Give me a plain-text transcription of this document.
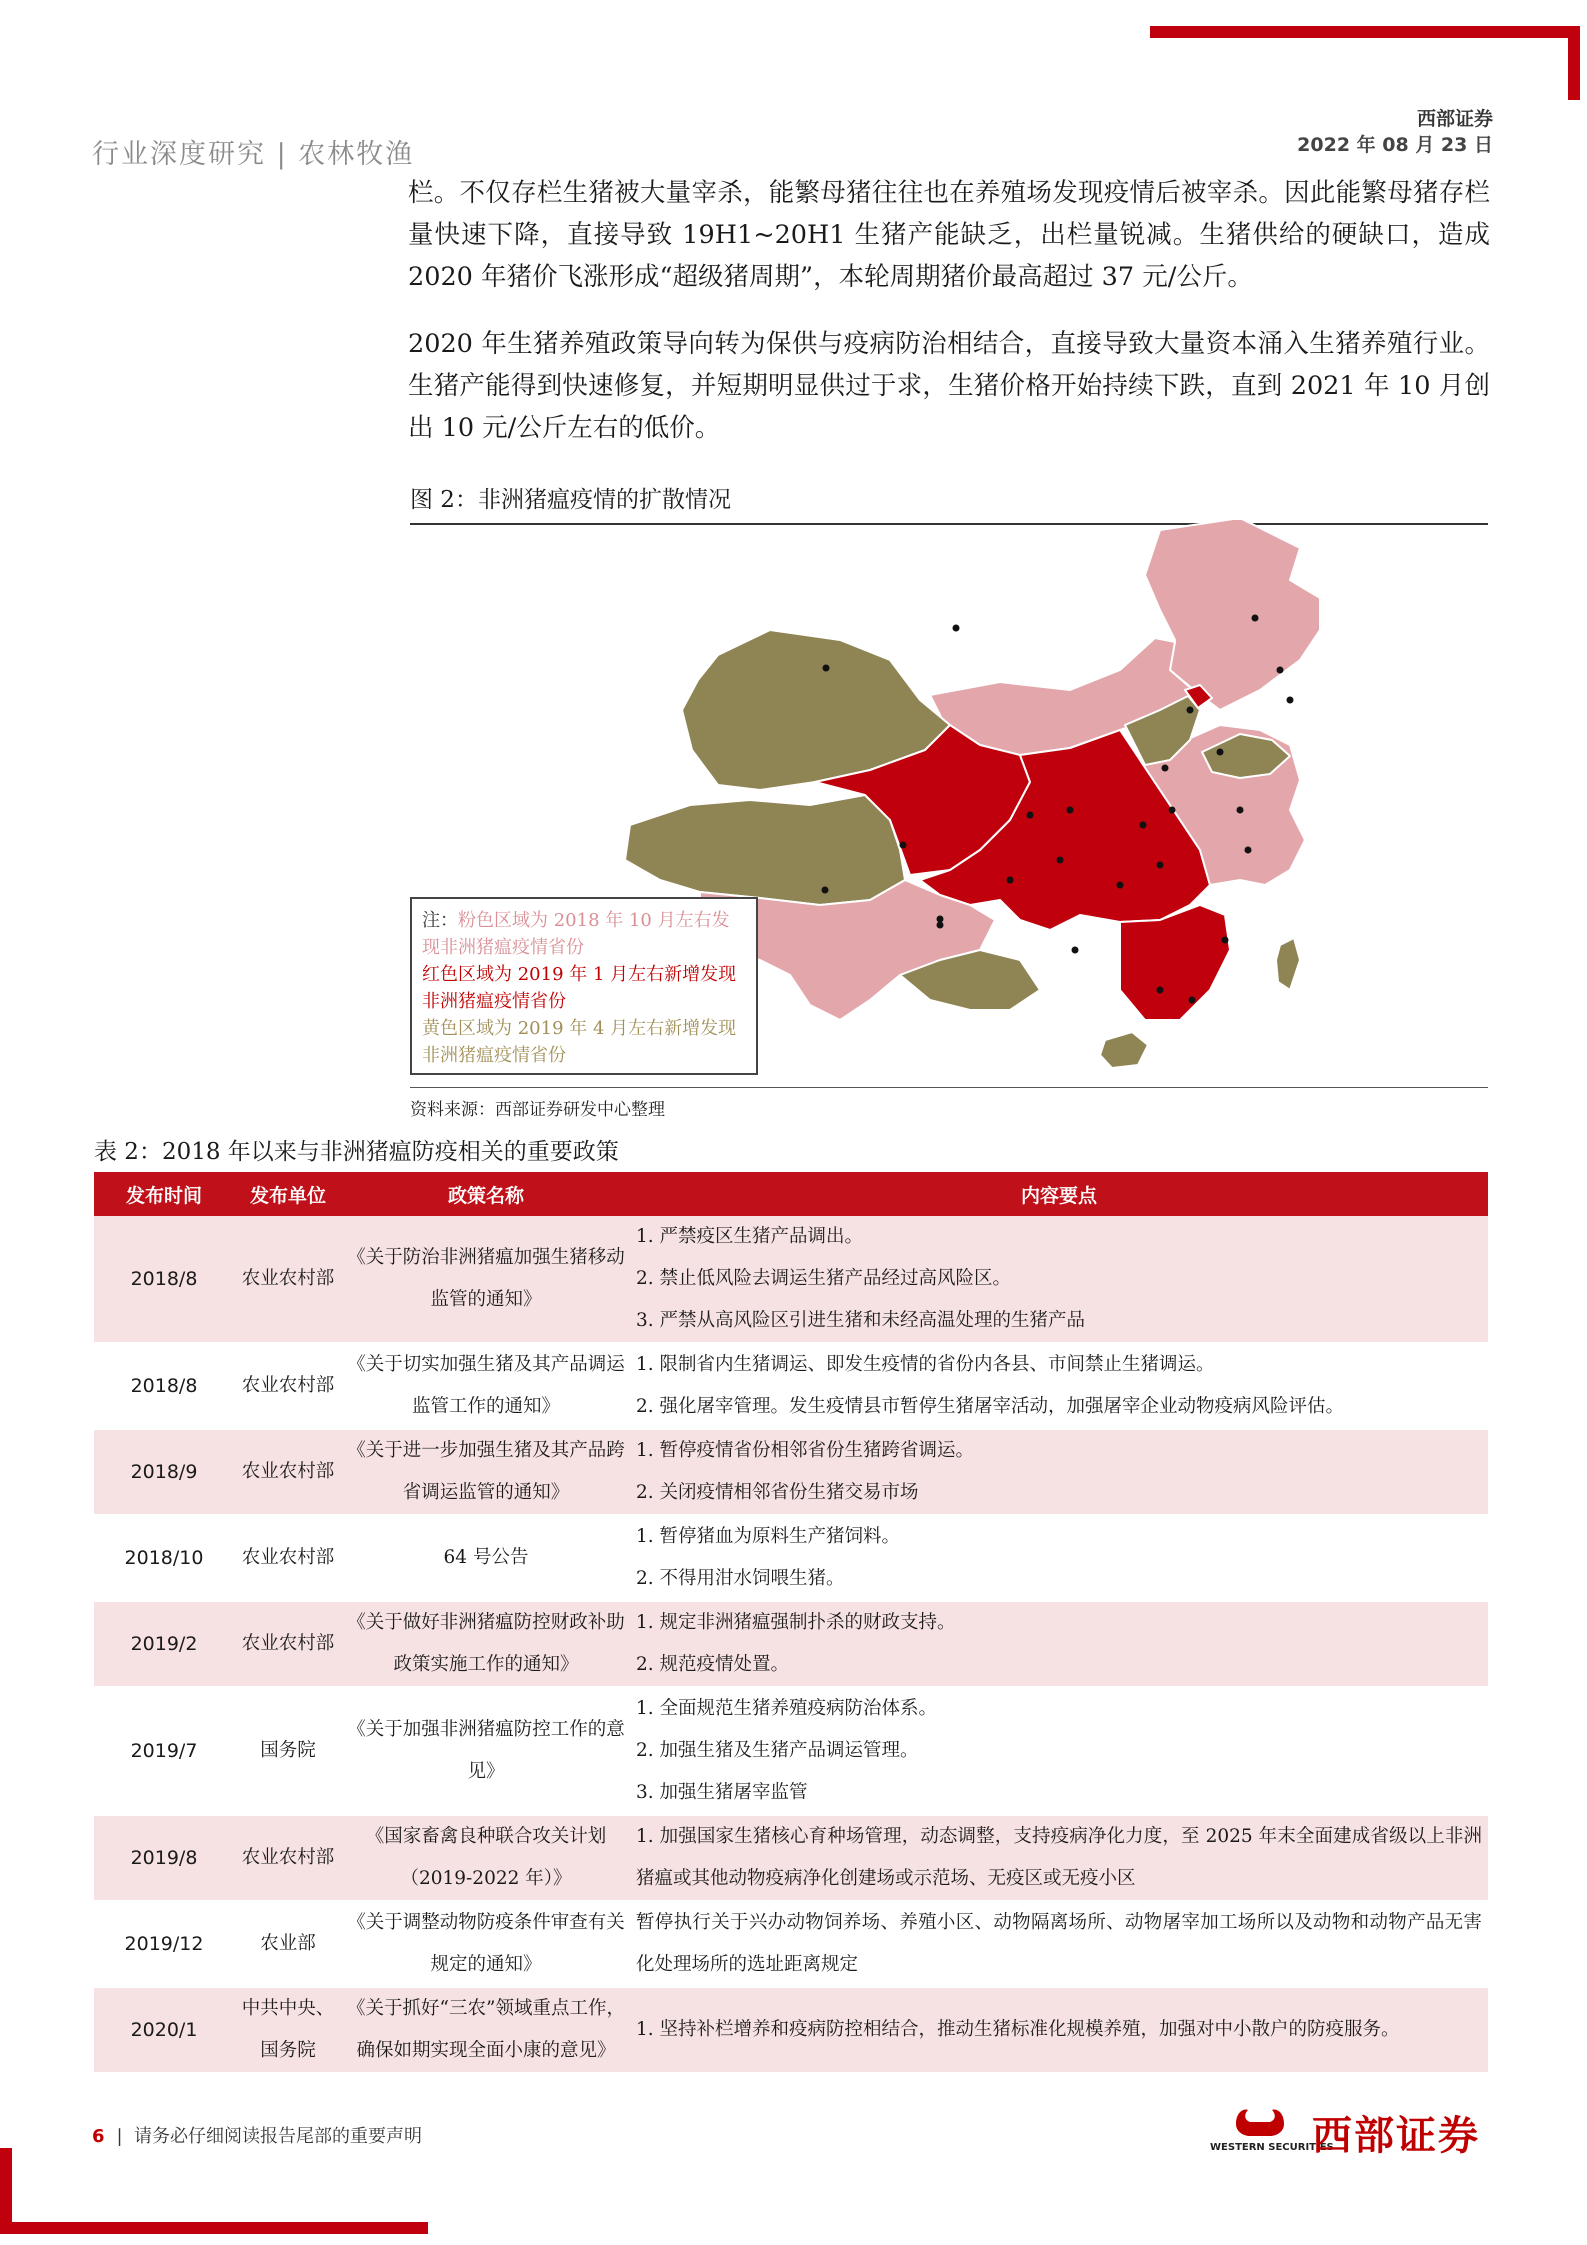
行业深度研究 | 农林牧渔
西部证券
2022 年 08 月 23 日

栏。不仅存栏生猪被大量宰杀，能繁母猪往往也在养殖场发现疫情后被宰杀。因此能繁母猪存栏量快速下降，直接导致 19H1~20H1 生猪产能缺乏，出栏量锐减。生猪供给的硬缺口，造成 2020 年猪价飞涨形成“超级猪周期”，本轮周期猪价最高超过 37 元/公斤。

2020 年生猪养殖政策导向转为保供与疫病防治相结合，直接导致大量资本涌入生猪养殖行业。生猪产能得到快速修复，并短期明显供过于求，生猪价格开始持续下跌，直到 2021 年 10 月创出 10 元/公斤左右的低价。

图 2：非洲猪瘟疫情的扩散情况
注：粉色区域为 2018 年 10 月左右发现非洲猪瘟疫情省份
红色区域为 2019 年 1 月左右新增发现非洲猪瘟疫情省份
黄色区域为 2019 年 4 月左右新增发现非洲猪瘟疫情省份
资料来源：西部证券研发中心整理
表 2：2018 年以来与非洲猪瘟防疫相关的重要政策
发布时间	发布单位	政策名称	内容要点
2018/8	农业农村部	《关于防治非洲猪瘟加强生猪移动监管的通知》	1. 严禁疫区生猪产品调出。
2. 禁止低风险去调运生猪产品经过高风险区。
3. 严禁从高风险区引进生猪和未经高温处理的生猪产品

2018/8	农业农村部	《关于切实加强生猪及其产品调运监管工作的通知》	1. 限制省内生猪调运、即发生疫情的省份内各县、市间禁止生猪调运。
2. 强化屠宰管理。发生疫情县市暂停生猪屠宰活动，加强屠宰企业动物疫病风险评估。

2018/9	农业农村部	《关于进一步加强生猪及其产品跨省调运监管的通知》	1. 暂停疫情省份相邻省份生猪跨省调运。
2. 关闭疫情相邻省份生猪交易市场

2018/10	农业农村部	64 号公告	1. 暂停猪血为原料生产猪饲料。
2. 不得用泔水饲喂生猪。

2019/2	农业农村部	《关于做好非洲猪瘟防控财政补助政策实施工作的通知》	1. 规定非洲猪瘟强制扑杀的财政支持。
2. 规范疫情处置。

2019/7	国务院	《关于加强非洲猪瘟防控工作的意见》	1. 全面规范生猪养殖疫病防治体系。
2. 加强生猪及生猪产品调运管理。
3. 加强生猪屠宰监管

2019/8	农业农村部	《国家畜禽良种联合攻关计划（2019-2022 年）》	1. 加强国家生猪核心育种场管理，动态调整，支持疫病净化力度，至 2025 年末全面建成省级以上非洲猪瘟或其他动物疫病净化创建场或示范场、无疫区或无疫小区

2019/12	农业部	《关于调整动物防疫条件审查有关规定的通知》	暂停执行关于兴办动物饲养场、养殖小区、动物隔离场所、动物屠宰加工场所以及动物和动物产品无害化处理场所的选址距离规定

2020/1	中共中央、国务院	《关于抓好“三农”领域重点工作，确保如期实现全面小康的意见》	1. 坚持补栏增养和疫病防控相结合，推动生猪标准化规模养殖，加强对中小散户的防疫服务。
6 |  请务必仔细阅读报告尾部的重要声明
WESTERN SECURITIES
西部证券
